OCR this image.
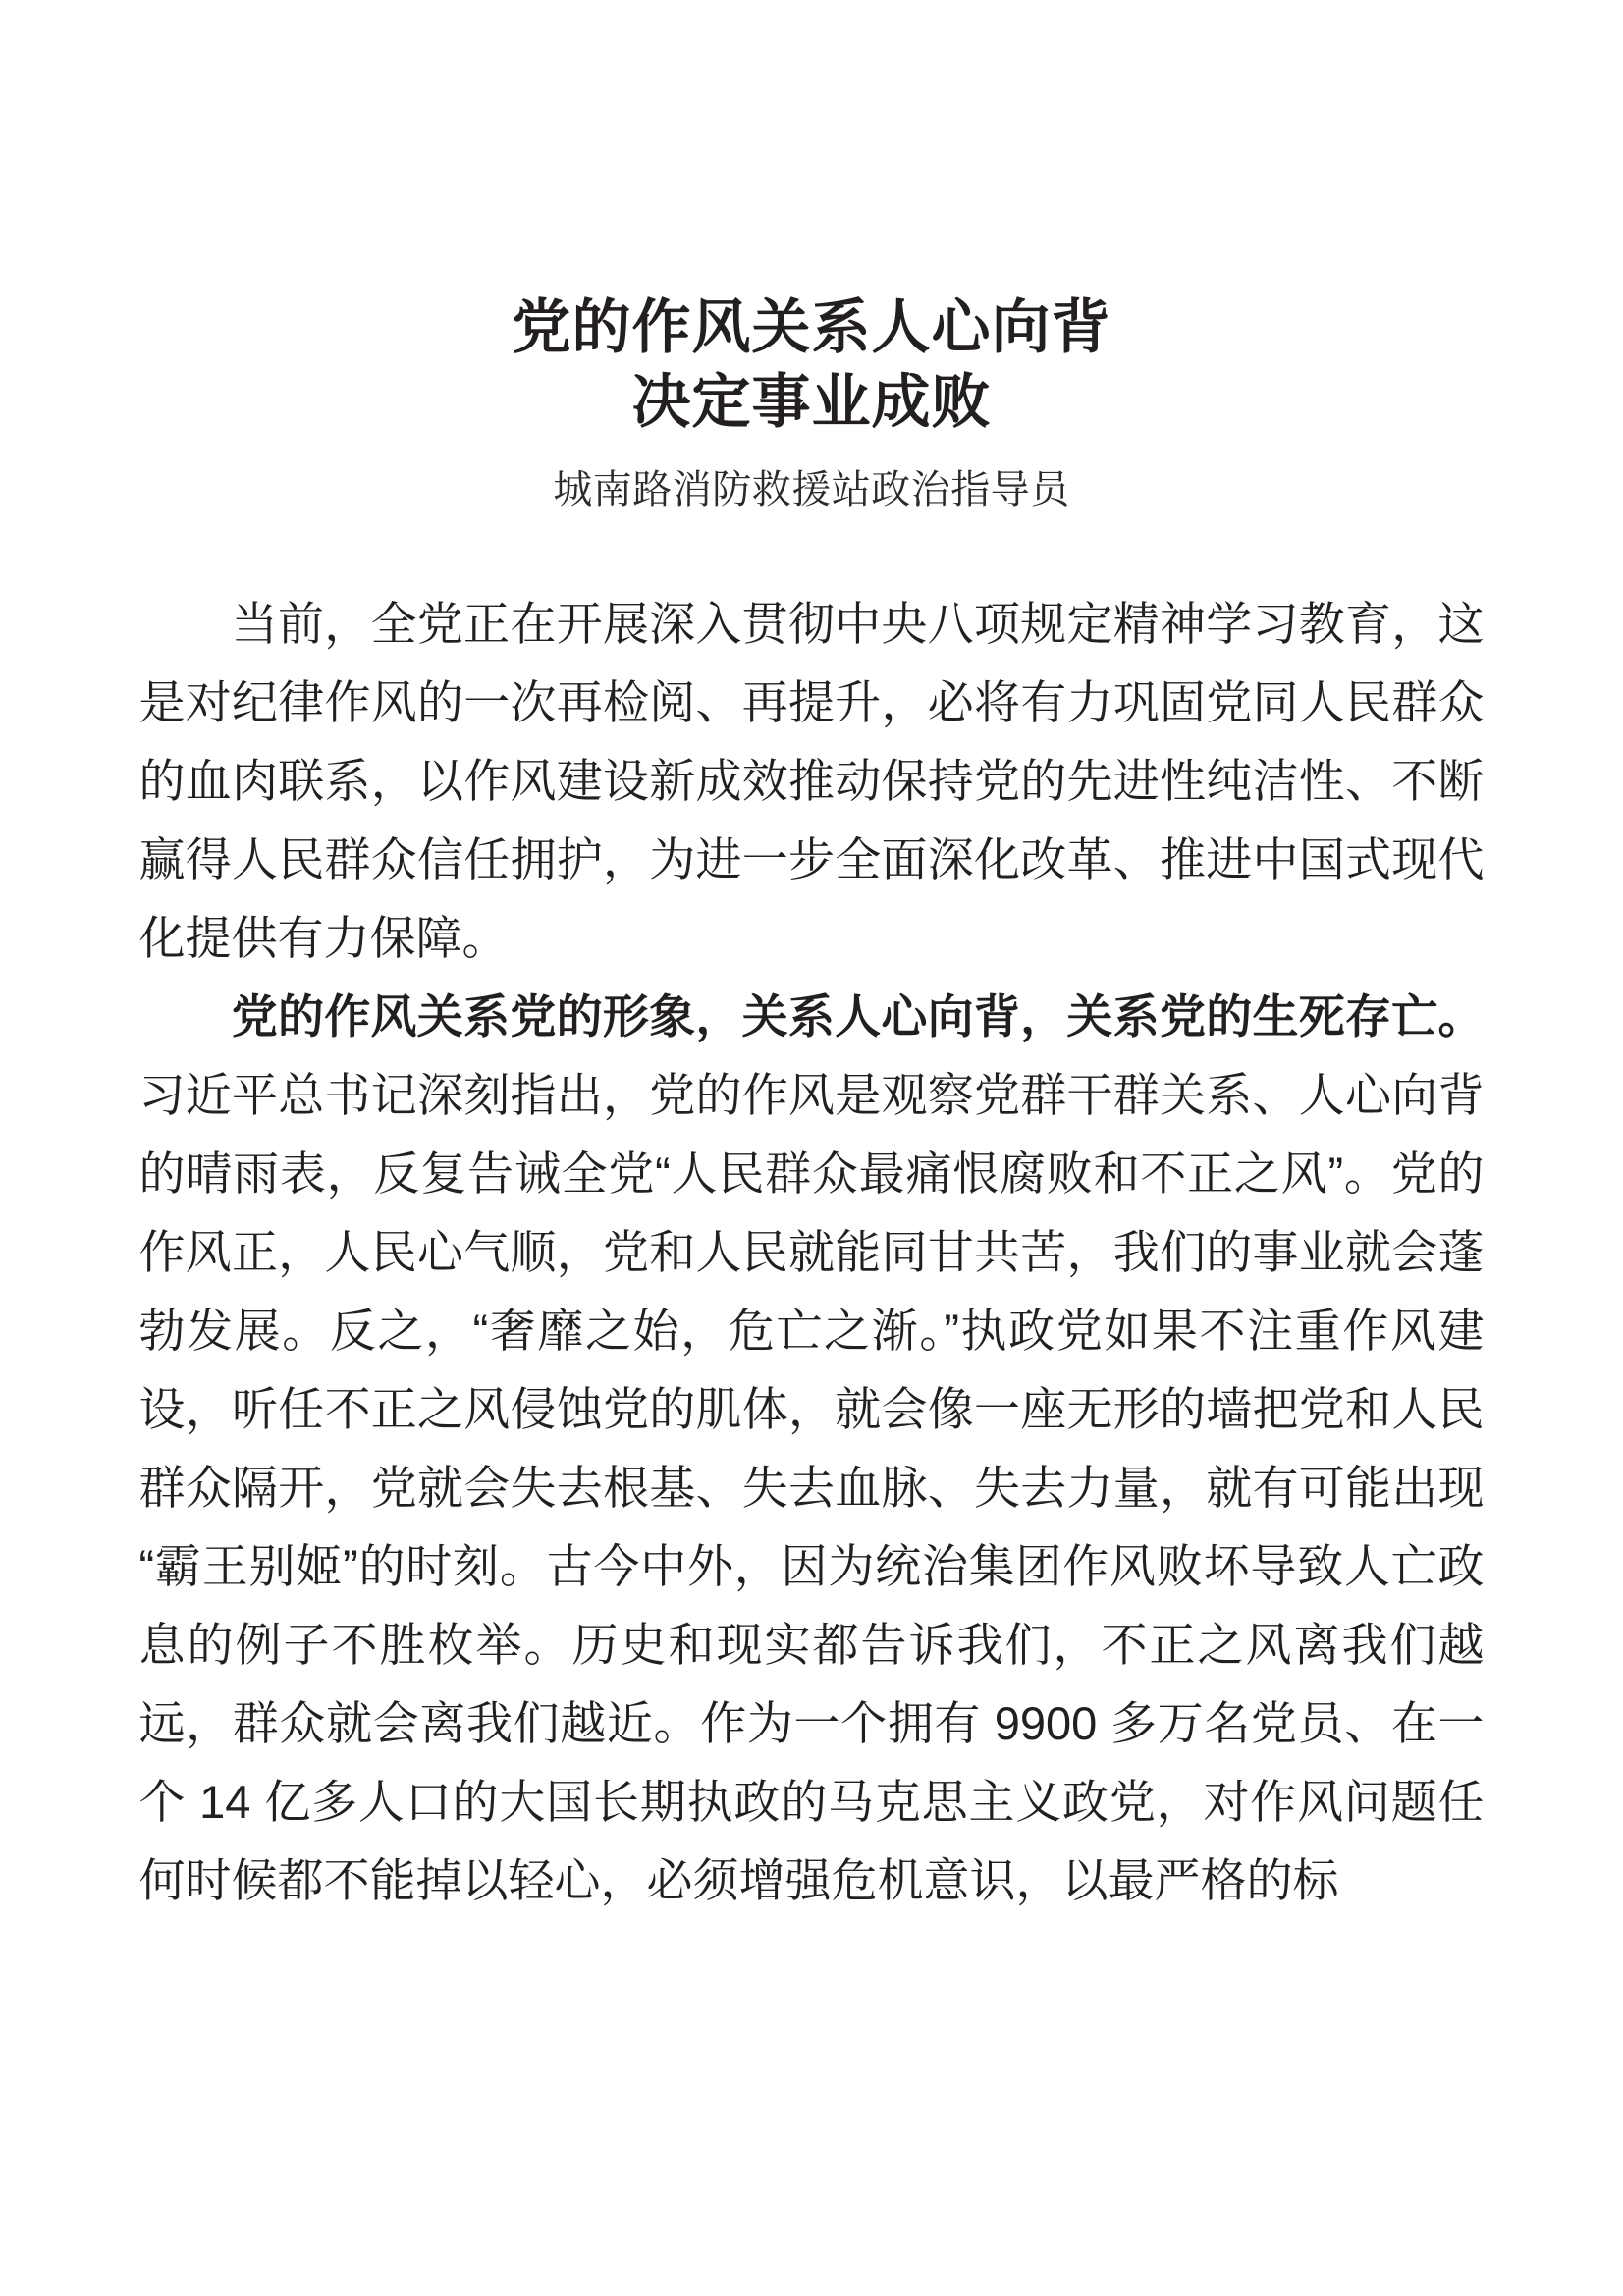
党的作风关系人心向背
决定事业成败
城南路消防救援站政治指导员

当前，全党正在开展深入贯彻中央八项规定精神学习教育，这是对纪律作风的一次再检阅、再提升，必将有力巩固党同人民群众的血肉联系，以作风建设新成效推动保持党的先进性纯洁性、不断赢得人民群众信任拥护，为进一步全面深化改革、推进中国式现代化提供有力保障。

党的作风关系党的形象，关系人心向背，关系党的生死存亡。习近平总书记深刻指出，党的作风是观察党群干群关系、人心向背的晴雨表，反复告诫全党“人民群众最痛恨腐败和不正之风”。党的作风正，人民心气顺，党和人民就能同甘共苦，我们的事业就会蓬勃发展。反之，“奢靡之始，危亡之渐。”执政党如果不注重作风建设，听任不正之风侵蚀党的肌体，就会像一座无形的墙把党和人民群众隔开，党就会失去根基、失去血脉、失去力量，就有可能出现“霸王别姬”的时刻。古今中外，因为统治集团作风败坏导致人亡政息的例子不胜枚举。历史和现实都告诉我们，不正之风离我们越远，群众就会离我们越近。作为一个拥有 9900 多万名党员、在一个 14 亿多人口的大国长期执政的马克思主义政党，对作风问题任何时候都不能掉以轻心，必须增强危机意识，以最严格的标
